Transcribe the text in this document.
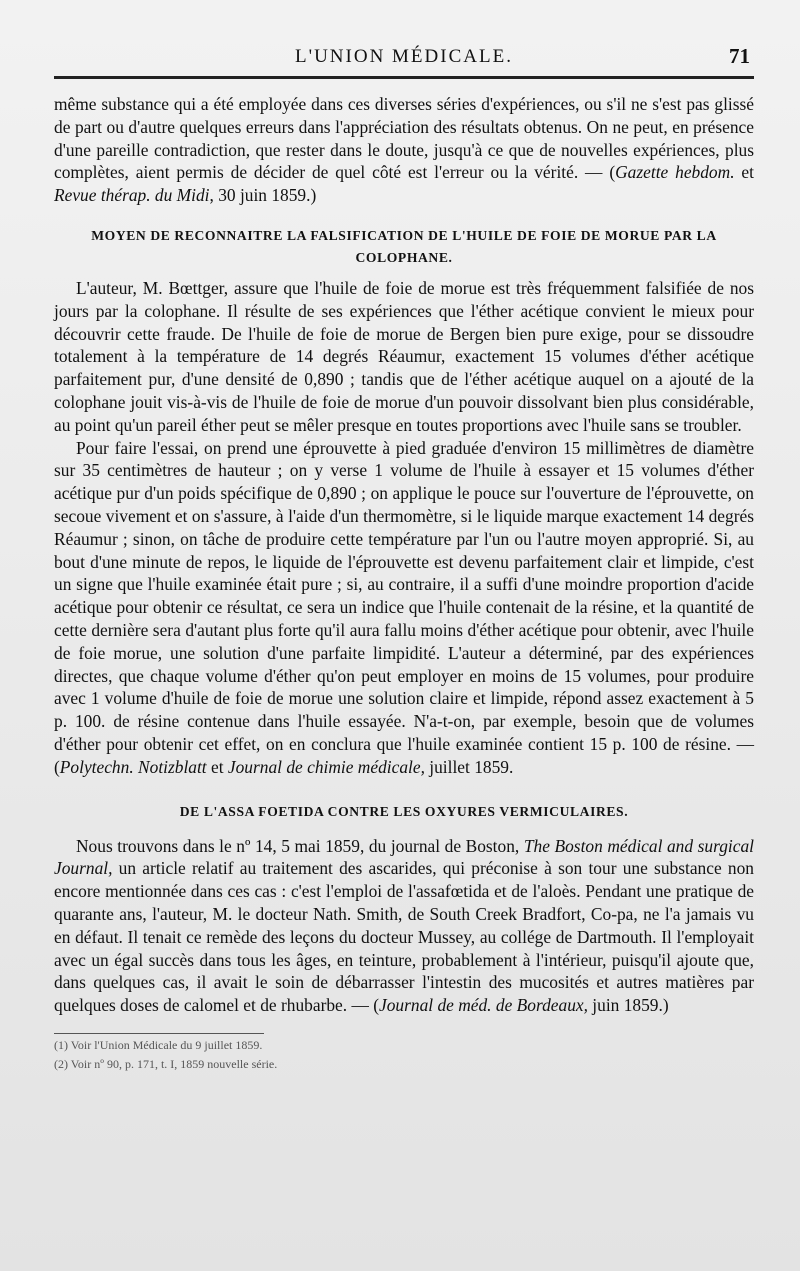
L'UNION MÉDICALE.	71

même substance qui a été employée dans ces diverses séries d'expériences, ou s'il ne s'est pas glissé de part ou d'autre quelques erreurs dans l'appréciation des résultats obtenus. On ne peut, en présence d'une pareille contradiction, que rester dans le doute, jusqu'à ce que de nouvelles expériences, plus complètes, aient permis de décider de quel côté est l'erreur ou la vérité. — (Gazette hebdom. et Revue thérap. du Midi, 30 juin 1859.)

MOYEN DE RECONNAITRE LA FALSIFICATION DE L'HUILE DE FOIE DE MORUE PAR LA
COLOPHANE.

L'auteur, M. Bœttger, assure que l'huile de foie de morue est très fréquemment falsifiée de nos jours par la colophane. Il résulte de ses expériences que l'éther acétique convient le mieux pour découvrir cette fraude. De l'huile de foie de morue de Bergen bien pure exige, pour se dissoudre totalement à la température de 14 degrés Réaumur, exactement 15 volumes d'éther acétique parfaitement pur, d'une densité de 0,890 ; tandis que de l'éther acétique auquel on a ajouté de la colophane jouit vis-à-vis de l'huile de foie de morue d'un pouvoir dissolvant bien plus considérable, au point qu'un pareil éther peut se mêler presque en toutes proportions avec l'huile sans se troubler.

Pour faire l'essai, on prend une éprouvette à pied graduée d'environ 15 millimètres de diamètre sur 35 centimètres de hauteur ; on y verse 1 volume de l'huile à essayer et 15 volumes d'éther acétique pur d'un poids spécifique de 0,890 ; on applique le pouce sur l'ouverture de l'éprouvette, on secoue vivement et on s'assure, à l'aide d'un thermomètre, si le liquide marque exactement 14 degrés Réaumur ; sinon, on tâche de produire cette température par l'un ou l'autre moyen approprié. Si, au bout d'une minute de repos, le liquide de l'éprouvette est devenu parfaitement clair et limpide, c'est un signe que l'huile examinée était pure ; si, au contraire, il a suffi d'une moindre proportion d'acide acétique pour obtenir ce résultat, ce sera un indice que l'huile contenait de la résine, et la quantité de cette dernière sera d'autant plus forte qu'il aura fallu moins d'éther acétique pour obtenir, avec l'huile de foie morue, une solution d'une parfaite limpidité. L'auteur a déterminé, par des expériences directes, que chaque volume d'éther qu'on peut employer en moins de 15 volumes, pour produire avec 1 volume d'huile de foie de morue une solution claire et limpide, répond assez exactement à 5 p. 100. de résine contenue dans l'huile essayée. N'a-t-on, par exemple, besoin que de volumes d'éther pour obtenir cet effet, on en conclura que l'huile examinée contient 15 p. 100 de résine. — (Polytechn. Notizblatt et Journal de chimie médicale, juillet 1859.

DE L'ASSA FOETIDA CONTRE LES OXYURES VERMICULAIRES.

Nous trouvons dans le nº 14, 5 mai 1859, du journal de Boston, The Boston médical and surgical Journal, un article relatif au traitement des ascarides, qui préconise à son tour une substance non encore mentionnée dans ces cas : c'est l'emploi de l'assafœtida et de l'aloès. Pendant une pratique de quarante ans, l'auteur, M. le docteur Nath. Smith, de South Creek Bradfort, Co-pa, ne l'a jamais vu en défaut. Il tenait ce remède des leçons du docteur Mussey, au collége de Dartmouth. Il l'employait avec un égal succès dans tous les âges, en teinture, probablement à l'intérieur, puisqu'il ajoute que, dans quelques cas, il avait le soin de débarrasser l'intestin des mucosités et autres matières par quelques doses de calomel et de rhubarbe. — (Journal de méd. de Bordeaux, juin 1859.)

(1) Voir l'Union Médicale du 9 juillet 1859.

(2) Voir nº 90, p. 171, t. I, 1859 nouvelle série.
